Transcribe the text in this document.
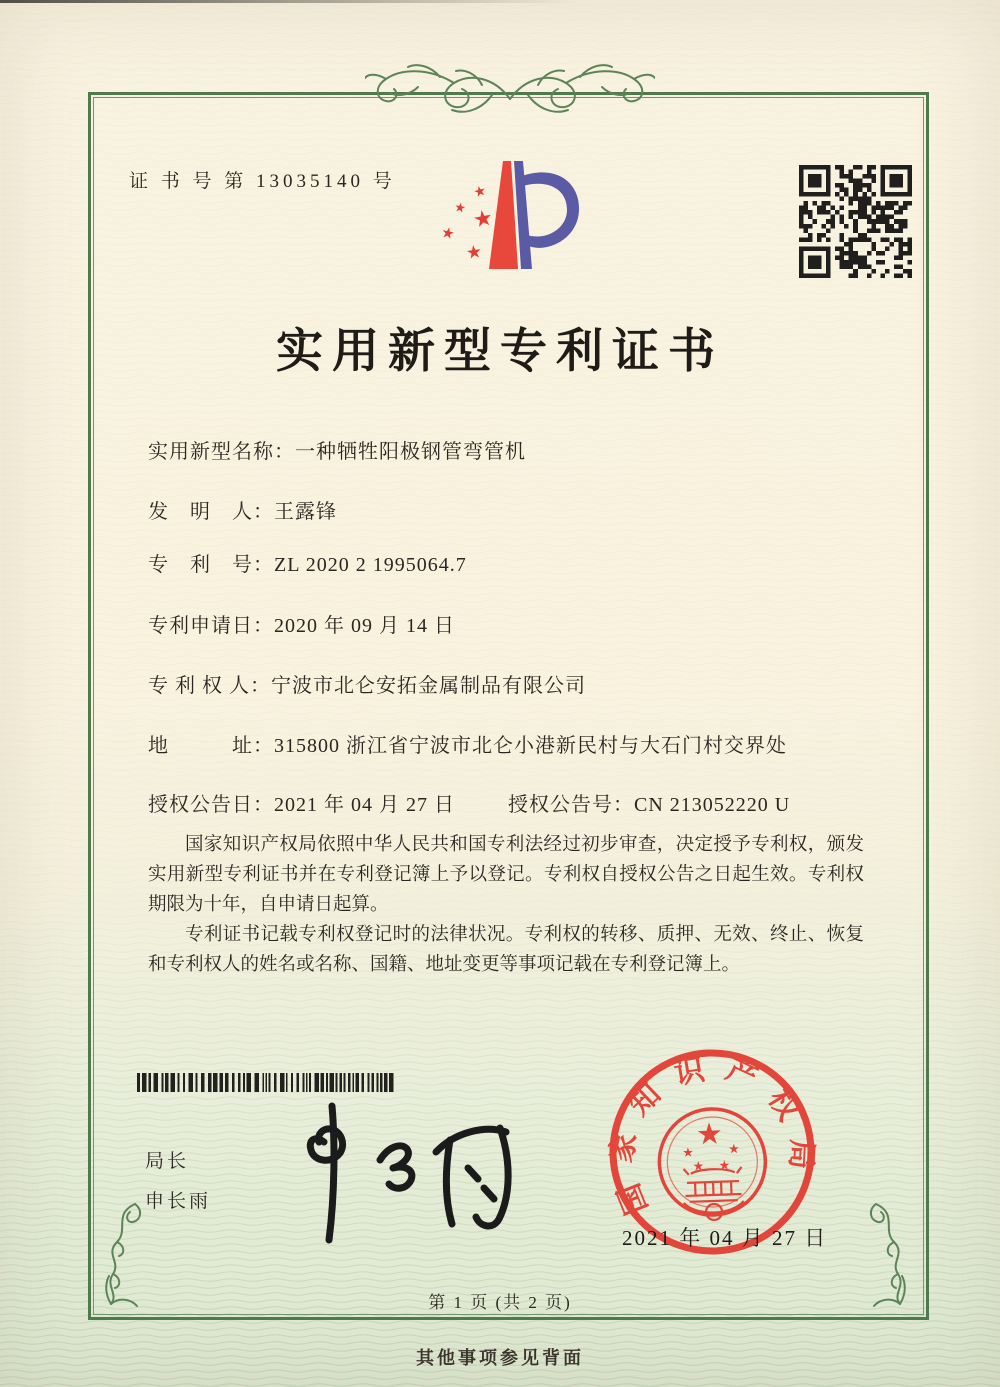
证 书 号 第 13035140 号	★
★ ★
★
★
实用新型专利证书
实用新型名称：一种牺牲阳极钢管弯管机
发　明　人：王露锋
专　利　号：ZL 2020 2 1995064.7
专利申请日：2020 年 09 月 14 日
专 利 权 人：宁波市北仑安拓金属制品有限公司
地　　　址：315800 浙江省宁波市北仑小港新民村与大石门村交界处
授权公告日：2021 年 04 月 27 日	授权公告号：CN 213052220 U

国家知识产权局依照中华人民共和国专利法经过初步审查，决定授予专利权，颁发实用新型专利证书并在专利登记簿上予以登记。专利权自授权公告之日起生效。专利权期限为十年，自申请日起算。

专利证书记载专利权登记时的法律状况。专利权的转移、质押、无效、终止、恢复和专利权人的姓名或名称、国籍、地址变更等事项记载在专利登记簿上。

局长
申长雨
★
★	★
★ ★
国家知识产权局
2021 年 04 月 27 日
第 1 页 (共 2 页)
其他事项参见背面
